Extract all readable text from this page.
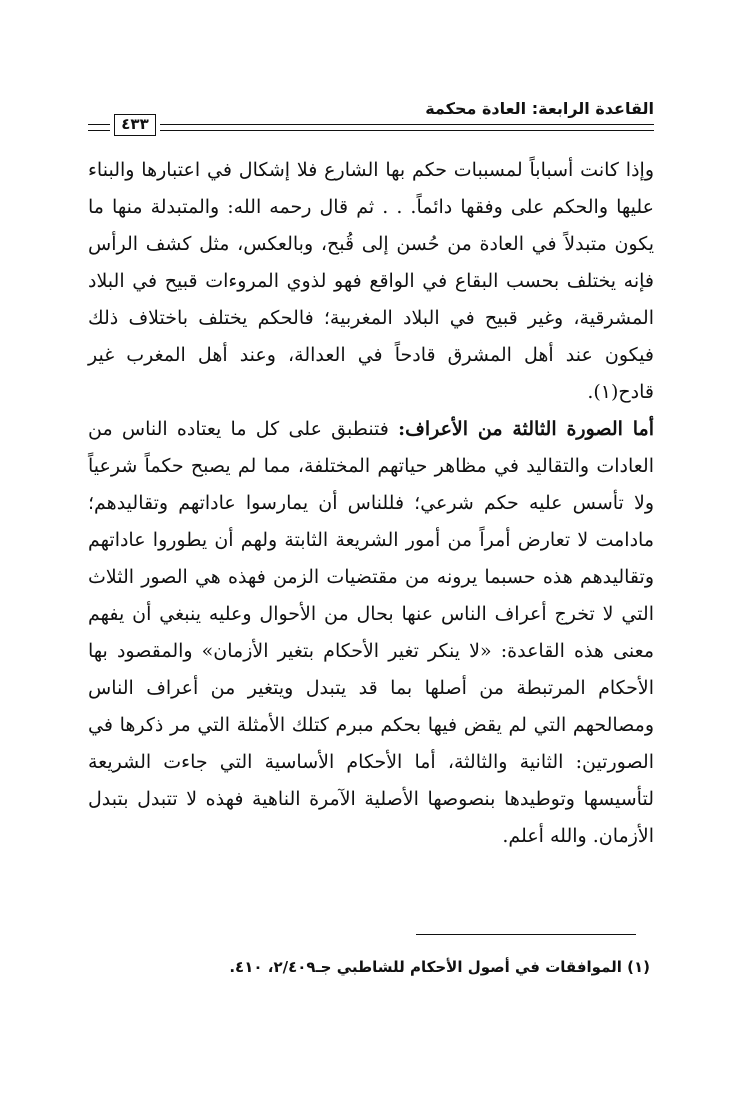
٤٣٣
القاعدة الرابعة: العادة محكمة

وإذا كانت أسباباً لمسببات حكم بها الشارع فلا إشكال في اعتبارها والبناء عليها والحكم على وفقها دائماً. . . ثم قال رحمه الله: والمتبدلة منها ما يكون متبدلاً في العادة من حُسن إلى قُبح، وبالعكس، مثل كشف الرأس فإنه يختلف بحسب البقاع في الواقع فهو لذوي المروءات قبيح في البلاد المشرقية، وغير قبيح في البلاد المغربية؛ فالحكم يختلف باختلاف ذلك فيكون عند أهل المشرق قادحاً في العدالة، وعند أهل المغرب غير قادح(١).

أما الصورة الثالثة من الأعراف: فتنطبق على كل ما يعتاده الناس من العادات والتقاليد في مظاهر حياتهم المختلفة، مما لم يصبح حكماً شرعياً ولا تأسس عليه حكم شرعي؛ فللناس أن يمارسوا عاداتهم وتقاليدهم؛ مادامت لا تعارض أمراً من أمور الشريعة الثابتة ولهم أن يطوروا عاداتهم وتقاليدهم هذه حسبما يرونه من مقتضيات الزمن فهذه هي الصور الثلاث التي لا تخرج أعراف الناس عنها بحال من الأحوال وعليه ينبغي أن يفهم معنى هذه القاعدة: «لا ينكر تغير الأحكام بتغير الأزمان» والمقصود بها الأحكام المرتبطة من أصلها بما قد يتبدل ويتغير من أعراف الناس ومصالحهم التي لم يقض فيها بحكم مبرم كتلك الأمثلة التي مر ذكرها في الصورتين: الثانية والثالثة، أما الأحكام الأساسية التي جاءت الشريعة لتأسيسها وتوطيدها بنصوصها الأصلية الآمرة الناهية فهذه لا تتبدل بتبدل الأزمان. والله أعلم.

(١) الموافقات في أصول الأحكام للشاطبي جـ٢/٤٠٩، ٤١٠.
